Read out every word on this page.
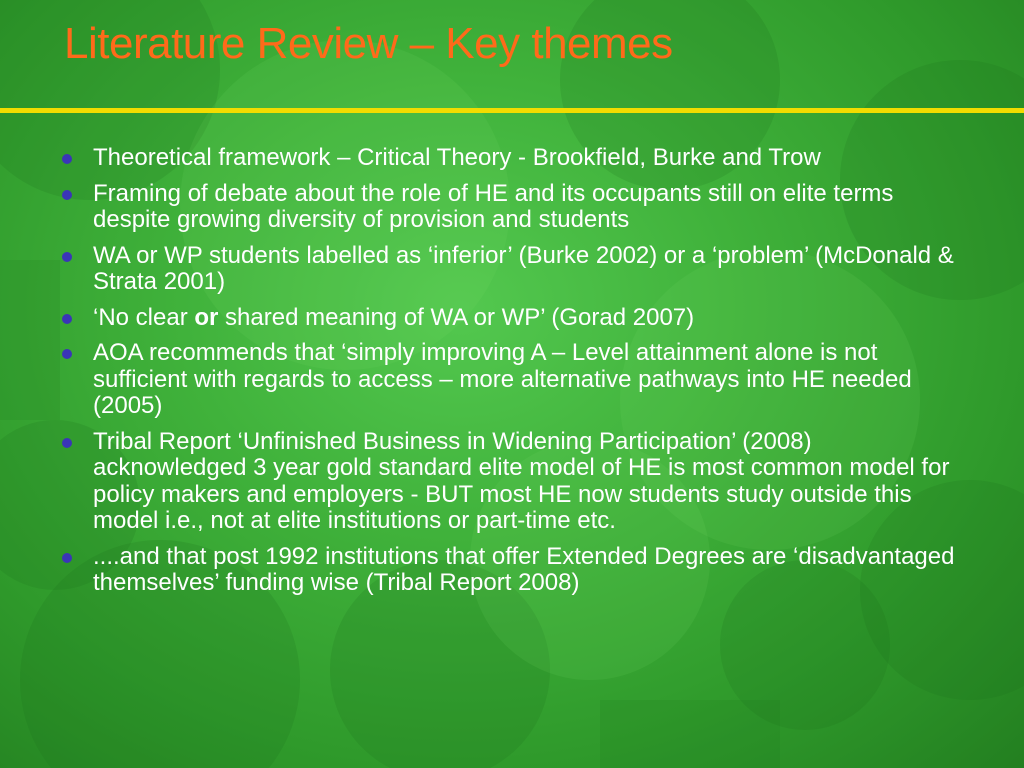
Literature Review – Key themes
Theoretical framework – Critical Theory - Brookfield, Burke and Trow
Framing of debate about the role of HE and its occupants still on elite terms despite growing diversity of provision and students
WA or WP students labelled as ‘inferior’ (Burke 2002) or a ‘problem’ (McDonald & Strata 2001)
‘No clear or shared meaning of WA or WP’ (Gorad 2007)
AOA recommends that ‘simply improving A – Level attainment alone is not sufficient with regards to access – more alternative pathways into HE needed (2005)
Tribal Report ‘Unfinished Business in Widening Participation’ (2008) acknowledged 3 year gold standard elite model of HE is most common model for policy makers and employers - BUT most HE now students study outside this model i.e., not at elite institutions or part-time etc.
....and that post 1992 institutions that offer Extended Degrees are ‘disadvantaged themselves’ funding wise (Tribal Report 2008)
